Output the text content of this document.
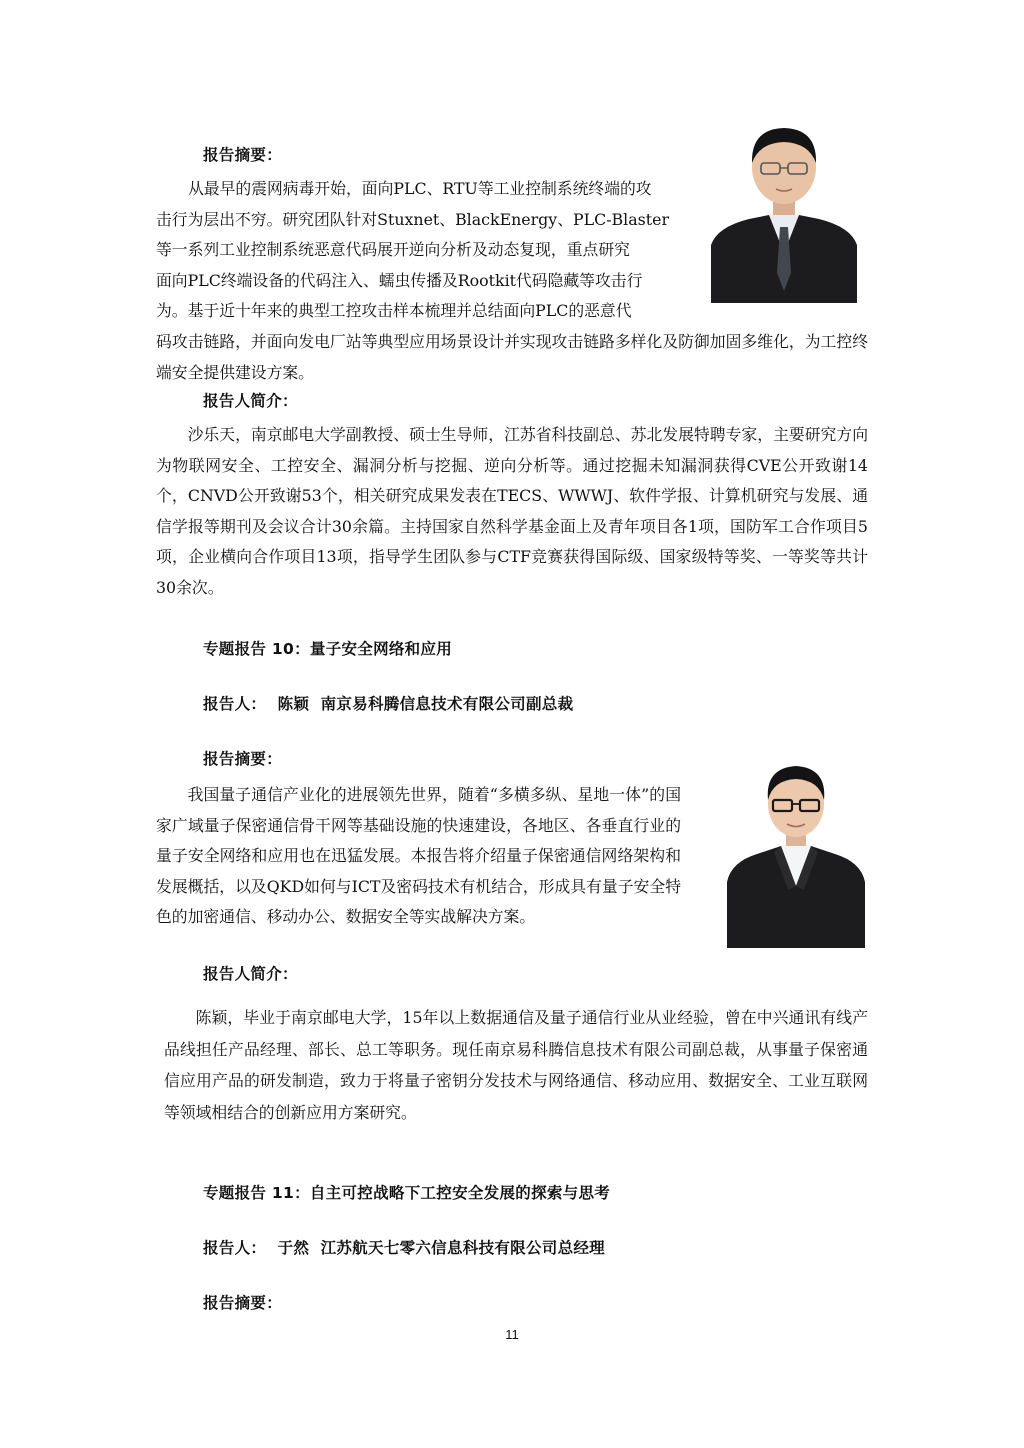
报告摘要：
从最早的震网病毒开始，面向PLC、RTU等工业控制系统终端的攻
击行为层出不穷。研究团队针对Stuxnet、BlackEnergy、PLC-Blaster
等一系列工业控制系统恶意代码展开逆向分析及动态复现，重点研究
面向PLC终端设备的代码注入、蠕虫传播及Rootkit代码隐藏等攻击行
为。基于近十年来的典型工控攻击样本梳理并总结面向PLC的恶意代

码攻击链路，并面向发电厂站等典型应用场景设计并实现攻击链路多样化及防御加固多维化，为工控终端安全提供建设方案。

报告人简介：

沙乐天，南京邮电大学副教授、硕士生导师，江苏省科技副总、苏北发展特聘专家，主要研究方向为物联网安全、工控安全、漏洞分析与挖掘、逆向分析等。通过挖掘未知漏洞获得CVE公开致谢14个，CNVD公开致谢53个，相关研究成果发表在TECS、WWWJ、软件学报、计算机研究与发展、通信学报等期刊及会议合计30余篇。主持国家自然科学基金面上及青年项目各1项，国防军工合作项目5项，企业横向合作项目13项，指导学生团队参与CTF竞赛获得国际级、国家级特等奖、一等奖等共计30余次。

专题报告 10：量子安全网络和应用
报告人：  陈颖  南京易科腾信息技术有限公司副总裁
报告摘要：

我国量子通信产业化的进展领先世界，随着“多横多纵、星地一体”的国家广域量子保密通信骨干网等基础设施的快速建设，各地区、各垂直行业的量子安全网络和应用也在迅猛发展。本报告将介绍量子保密通信网络架构和发展概括，以及QKD如何与ICT及密码技术有机结合，形成具有量子安全特色的加密通信、移动办公、数据安全等实战解决方案。

报告人简介：

陈颖，毕业于南京邮电大学，15年以上数据通信及量子通信行业从业经验，曾在中兴通讯有线产品线担任产品经理、部长、总工等职务。现任南京易科腾信息技术有限公司副总裁，从事量子保密通信应用产品的研发制造，致力于将量子密钥分发技术与网络通信、移动应用、数据安全、工业互联网等领域相结合的创新应用方案研究。

专题报告 11：自主可控战略下工控安全发展的探索与思考
报告人：  于然  江苏航天七零六信息科技有限公司总经理
报告摘要：
11
